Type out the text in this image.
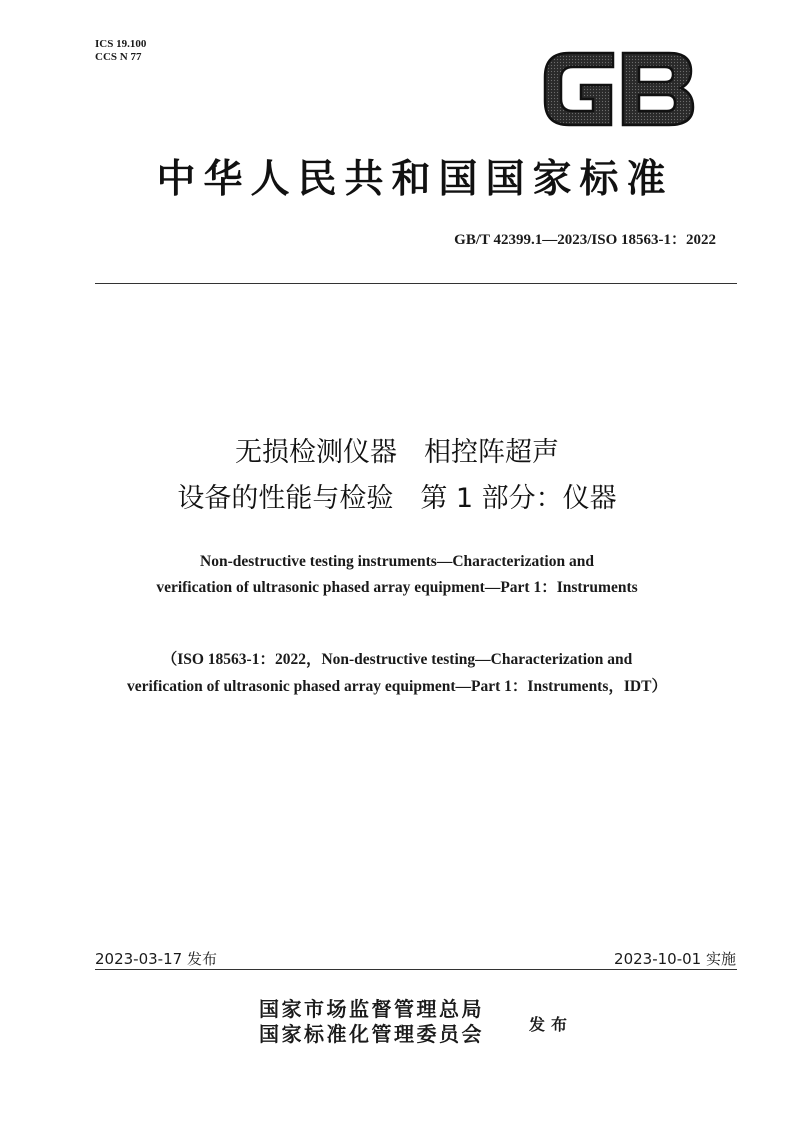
ICS 19.100
CCS N 77
GB
中华人民共和国国家标准
GB/T 42399.1—2023/ISO 18563-1：2022
无损检测仪器　相控阵超声
设备的性能与检验　第 1 部分：仪器
Non-destructive testing instruments—Characterization and
verification of ultrasonic phased array equipment—Part 1：Instruments
（ISO 18563-1：2022，Non-destructive testing—Characterization and
verification of ultrasonic phased array equipment—Part 1：Instruments，IDT）
2023-03-17 发布	2023-10-01 实施
国家市场监督管理总局
国家标准化管理委员会	发布
